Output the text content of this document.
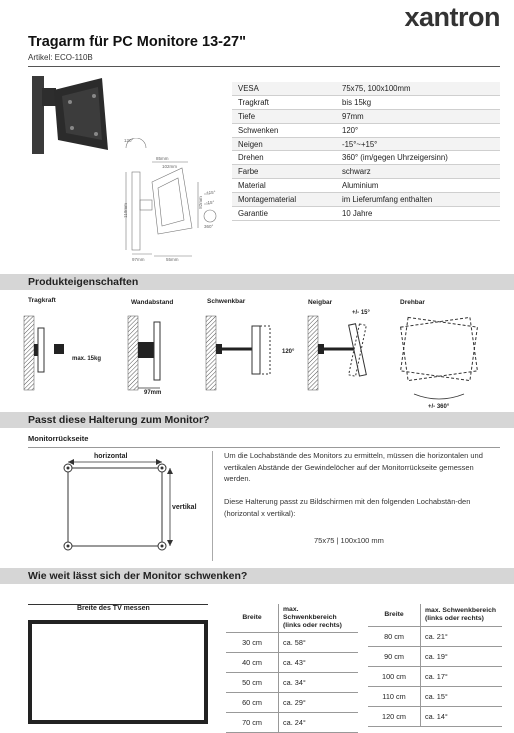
xantron
Tragarm für PC Monitore 13-27"
Artikel: ECO-110B
120°
85mm
102mm
119mm
82mm
97mm	55mm
+15°
-15°
360°
VESA	75x75, 100x100mm
Tragkraft	bis 15kg
Tiefe	97mm
Schwenken	120°
Neigen	-15°~+15°
Drehen	360° (im/gegen Uhrzeigersinn)
Farbe	schwarz
Material	Aluminium
Montagematerial	im Lieferumfang enthalten
Garantie	10 Jahre
Produkteigenschaften
Tragkraft	Wandabstand	Schwenkbar	Neigbar	Drehbar
max. 15kg
97mm
120°
+/- 15°
+/- 360°
Passt diese Halterung zum Monitor?
Monitorrückseite
horizontal
vertikal
Um die Lochabstände des Monitors zu ermitteln, müssen die horizontalen und vertikalen Abstände der Gewindelöcher auf der Monitorrückseite gemessen werden.
Diese Halterung passt zu Bildschirmen mit den folgenden Lochabstän-den (horizontal x vertikal):
75x75 | 100x100 mm
Wie weit lässt sich der Monitor schwenken?
Breite des TV messen
Breite	max. Schwenkbereich (links oder rechts)
30 cm	ca. 58°
40 cm	ca. 43°
50 cm	ca. 34°
60 cm	ca. 29°
70 cm	ca. 24°
Breite	max. Schwenkbereich (links oder rechts)
80 cm	ca. 21°
90 cm	ca. 19°
100 cm	ca. 17°
110 cm	ca. 15°
120 cm	ca. 14°
